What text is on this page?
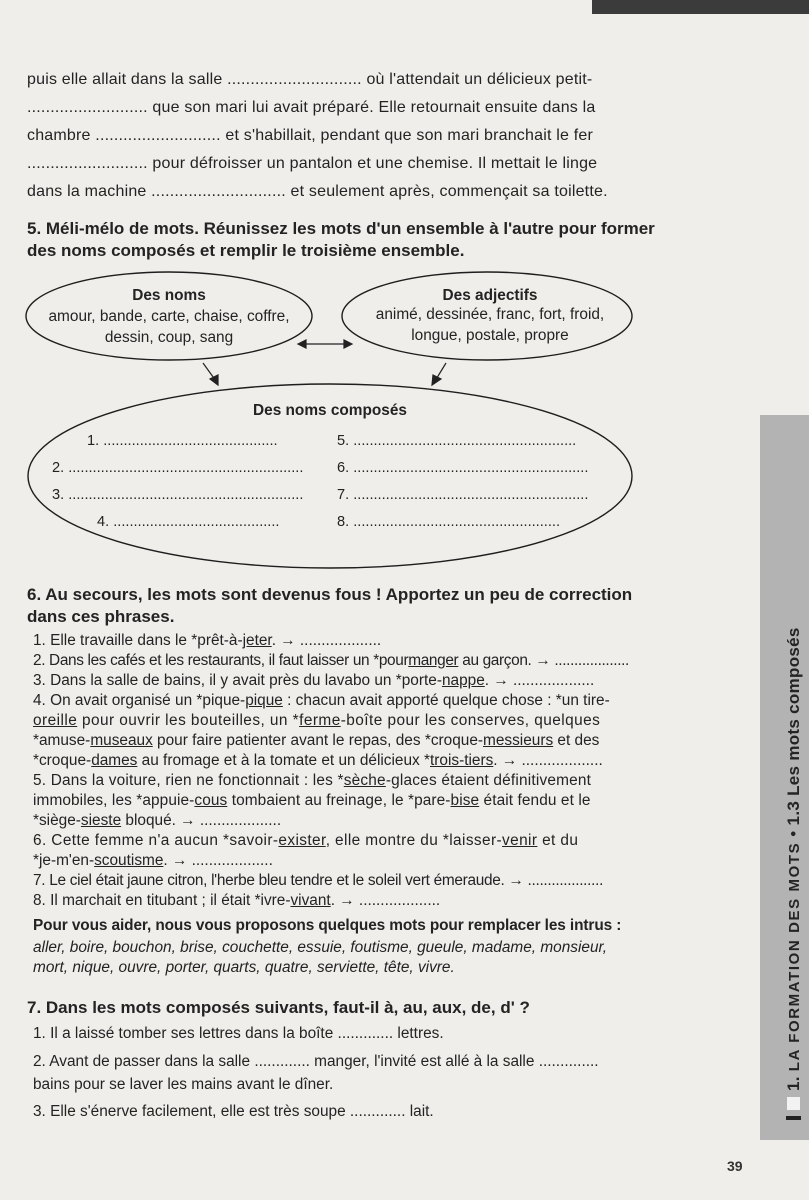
puis elle allait dans la salle ............................. où l'attendait un délicieux petit-
.......................... que son mari lui avait préparé. Elle retournait ensuite dans la
chambre ........................... et s'habillait, pendant que son mari branchait le fer
.......................... pour défroisser un pantalon et une chemise. Il mettait le linge
dans la machine ............................. et seulement après, commençait sa toilette.
5. Méli-mélo de mots. Réunissez les mots d'un ensemble à l'autre pour former
des noms composés et remplir le troisième ensemble.
Des noms
amour, bande, carte, chaise, coffre,
dessin, coup, sang
Des adjectifs
animé, dessinée, franc, fort, froid,
longue, postale, propre
Des noms composés
1. ...........................................
2. ..........................................................
3. ..........................................................
4. .........................................
5. .......................................................
6. ..........................................................
7. ..........................................................
8. ...................................................
6. Au secours, les mots sont devenus fous ! Apportez un peu de correction
dans ces phrases.
1. Elle travaille dans le *prêt-à-jeter. → ...................
2. Dans les cafés et les restaurants, il faut laisser un *pourmanger au garçon. → ...................
3. Dans la salle de bains, il y avait près du lavabo un *porte-nappe. → ...................
4. On avait organisé un *pique-pique : chacun avait apporté quelque chose : *un tire-
oreille pour ouvrir les bouteilles, un *ferme-boîte pour les conserves, quelques
*amuse-museaux pour faire patienter avant le repas, des *croque-messieurs et des
*croque-dames au fromage et à la tomate et un délicieux *trois-tiers. → ...................
5. Dans la voiture, rien ne fonctionnait : les *sèche-glaces étaient définitivement
immobiles, les *appuie-cous tombaient au freinage, le *pare-bise était fendu et le
*siège-sieste bloqué. → ...................
6. Cette femme n'a aucun *savoir-exister, elle montre du *laisser-venir et du
*je-m'en-scoutisme. → ...................
7. Le ciel était jaune citron, l'herbe bleu tendre et le soleil vert émeraude. → ...................
8. Il marchait en titubant ; il était *ivre-vivant. → ...................
Pour vous aider, nous vous proposons quelques mots pour remplacer les intrus :
aller, boire, bouchon, brise, couchette, essuie, foutisme, gueule, madame, monsieur,
mort, nique, ouvre, porter, quarts, quatre, serviette, tête, vivre.
7. Dans les mots composés suivants, faut-il à, au, aux, de, d' ?
1. Il a laissé tomber ses lettres dans la boîte ............. lettres.
2. Avant de passer dans la salle ............. manger, l'invité est allé à la salle ..............
bains pour se laver les mains avant le dîner.
3. Elle s'énerve facilement, elle est très soupe ............. lait.
1. LA FORMATION DES MOTS • 1.3 Les mots composés
39
